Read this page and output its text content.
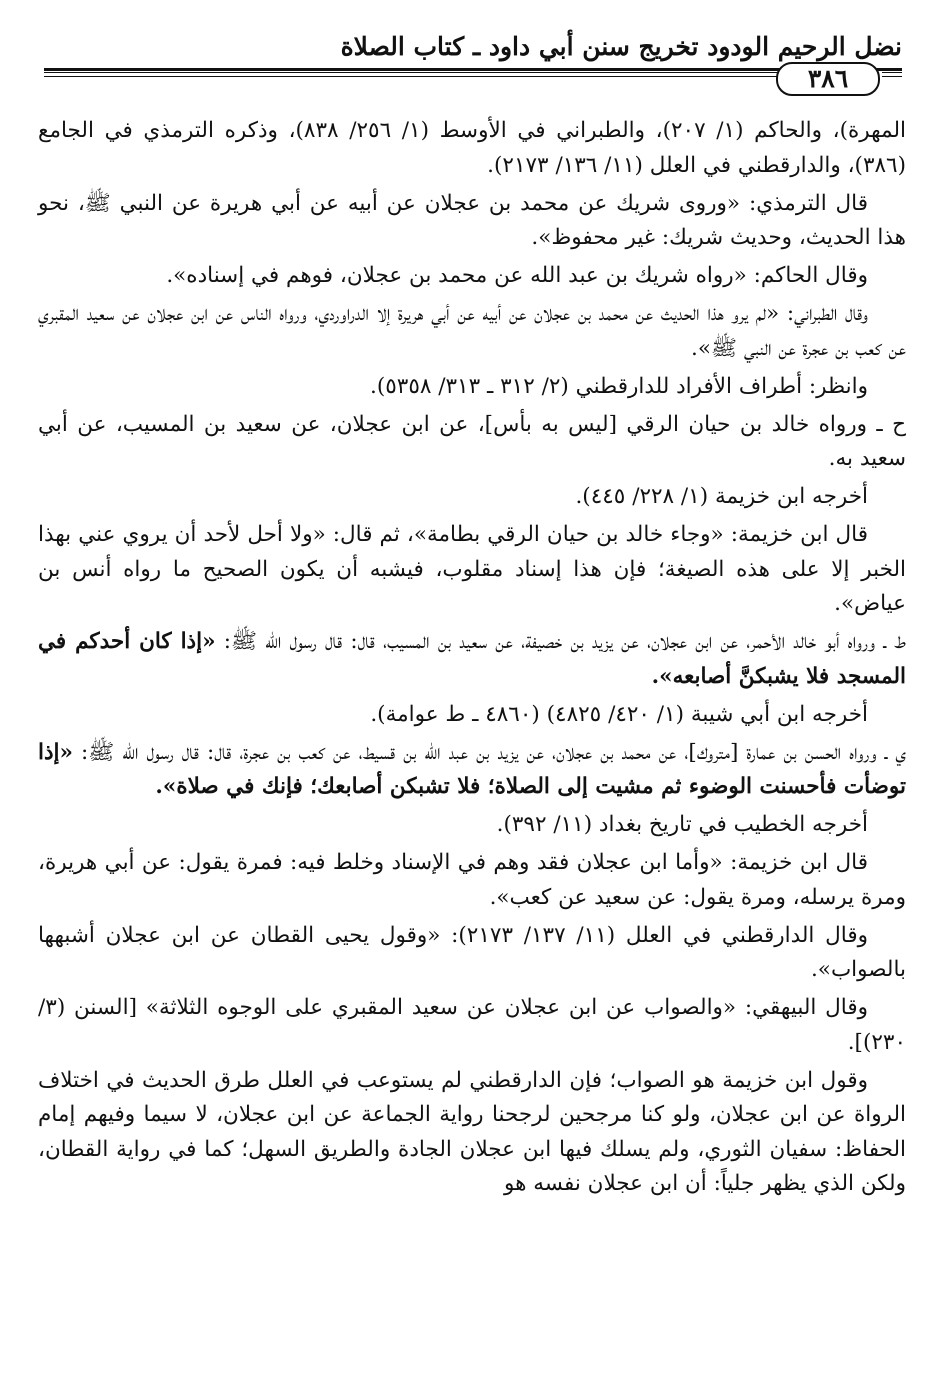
نضل الرحيم الودود تخريج سنن أبي داود ـ كتاب الصلاة
٣٨٦

المهرة)، والحاكم (١/ ٢٠٧)، والطبراني في الأوسط (١/ ٢٥٦/ ٨٣٨)، وذكره الترمذي في الجامع (٣٨٦)، والدارقطني في العلل (١١/ ١٣٦/ ٢١٧٣).

قال الترمذي: «وروى شريك عن محمد بن عجلان عن أبيه عن أبي هريرة عن النبي ﷺ، نحو هذا الحديث، وحديث شريك: غير محفوظ».

وقال الحاكم: «رواه شريك بن عبد الله عن محمد بن عجلان، فوهم في إسناده».

وقال الطبراني: «لم يرو هذا الحديث عن محمد بن عجلان عن أبيه عن أبي هريرة إلا الدراوردي، ورواه الناس عن ابن عجلان عن سعيد المقبري عن كعب بن عجرة عن النبي ﷺ».

وانظر: أطراف الأفراد للدارقطني (٢/ ٣١٢ ـ ٣١٣/ ٥٣٥٨).

ح ـ ورواه خالد بن حيان الرقي [ليس به بأس]، عن ابن عجلان، عن سعيد بن المسيب، عن أبي سعيد به.

أخرجه ابن خزيمة (١/ ٢٢٨/ ٤٤٥).

قال ابن خزيمة: «وجاء خالد بن حيان الرقي بطامة»، ثم قال: «ولا أحل لأحد أن يروي عني بهذا الخبر إلا على هذه الصيغة؛ فإن هذا إسناد مقلوب، فيشبه أن يكون الصحيح ما رواه أنس بن عياض».

ط ـ ورواه أبو خالد الأحمر، عن ابن عجلان، عن يزيد بن خصيفة، عن سعيد بن المسيب، قال: قال رسول الله ﷺ: «إذا كان أحدكم في المسجد فلا يشبكنَّ أصابعه».

أخرجه ابن أبي شيبة (١/ ٤٢٠/ ٤٨٢٥) (٤٨٦٠ ـ ط عوامة).

ي ـ ورواه الحسن بن عمارة [متروك]، عن محمد بن عجلان، عن يزيد بن عبد الله بن قسيط، عن كعب بن عجرة، قال: قال رسول الله ﷺ: «إذا توضأت فأحسنت الوضوء ثم مشيت إلى الصلاة؛ فلا تشبكن أصابعك؛ فإنك في صلاة».

أخرجه الخطيب في تاريخ بغداد (١١/ ٣٩٢).

قال ابن خزيمة: «وأما ابن عجلان فقد وهم في الإسناد وخلط فيه: فمرة يقول: عن أبي هريرة، ومرة يرسله، ومرة يقول: عن سعيد عن كعب».

وقال الدارقطني في العلل (١١/ ١٣٧/ ٢١٧٣): «وقول يحيى القطان عن ابن عجلان أشبهها بالصواب».

وقال البيهقي: «والصواب عن ابن عجلان عن سعيد المقبري على الوجوه الثلاثة» [السنن (٣/ ٢٣٠)].

وقول ابن خزيمة هو الصواب؛ فإن الدارقطني لم يستوعب في العلل طرق الحديث في اختلاف الرواة عن ابن عجلان، ولو كنا مرجحين لرجحنا رواية الجماعة عن ابن عجلان، لا سيما وفيهم إمام الحفاظ: سفيان الثوري، ولم يسلك فيها ابن عجلان الجادة والطريق السهل؛ كما في رواية القطان، ولكن الذي يظهر جلياً: أن ابن عجلان نفسه هو
